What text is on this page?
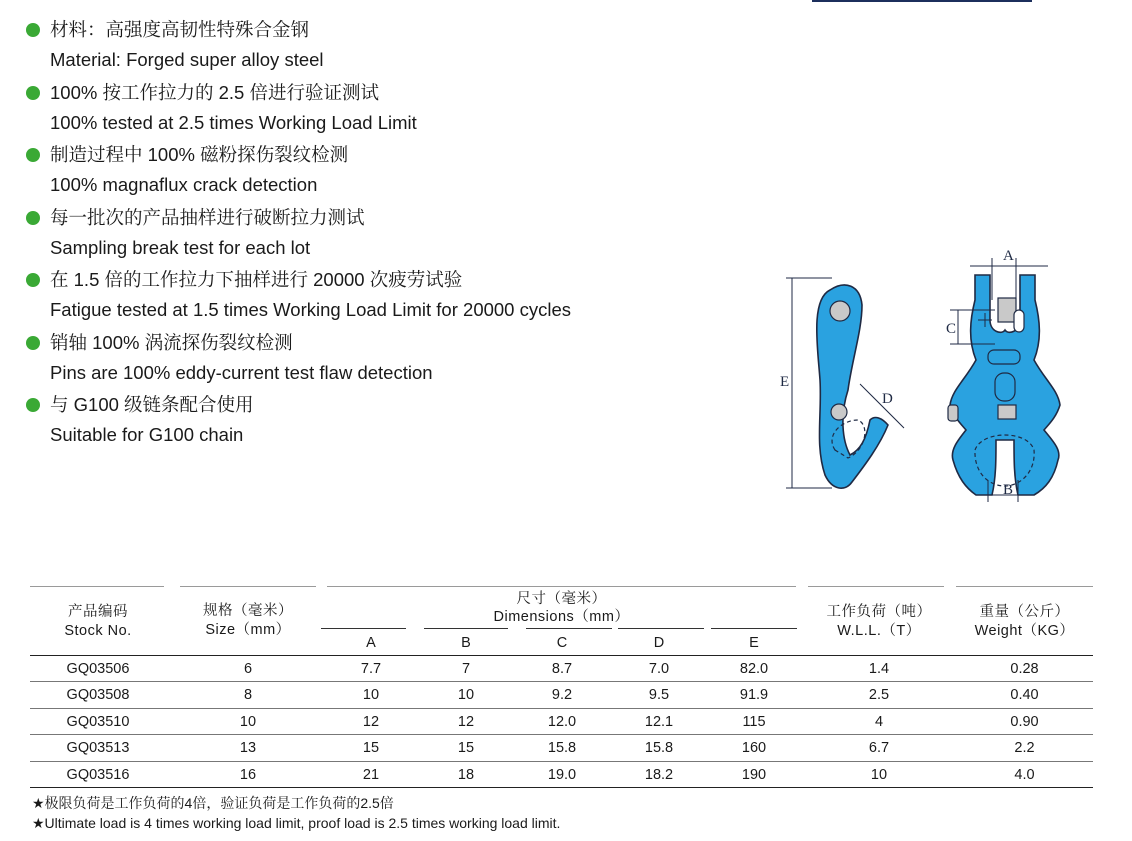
材料：高强度高韧性特殊合金钢
Material: Forged super alloy steel
100% 按工作拉力的 2.5 倍进行验证测试
100% tested at 2.5 times Working Load Limit
制造过程中 100% 磁粉探伤裂纹检测
100% magnaflux crack detection
每一批次的产品抽样进行破断拉力测试
Sampling break test for each lot
在 1.5 倍的工作拉力下抽样进行 20000 次疲劳试验
Fatigue tested at 1.5 times Working Load Limit for 20000 cycles
销轴 100% 涡流探伤裂纹检测
Pins are 100% eddy-current test flaw detection
与 G100 级链条配合使用
Suitable for G100 chain
A
B
C
D
E
产品编码
Stock No.
规格（毫米）
Size（mm）
尺寸（毫米）
Dimensions（mm）	工作负荷（吨）
W.L.L.（T）
重量（公斤）
Weight（KG）
A	B	C	D	E
GQ03506	6	7.7	7	8.7	7.0	82.0	1.4	0.28
GQ03508	8	10	10	9.2	9.5	91.9	2.5	0.40
GQ03510	10	12	12	12.0	12.1	115	4	0.90
GQ03513	13	15	15	15.8	15.8	160	6.7	2.2
GQ03516	16	21	18	19.0	18.2	190	10	4.0
★极限负荷是工作负荷的4倍，验证负荷是工作负荷的2.5倍
★Ultimate load is 4 times working load limit, proof load is 2.5 times working load limit.
